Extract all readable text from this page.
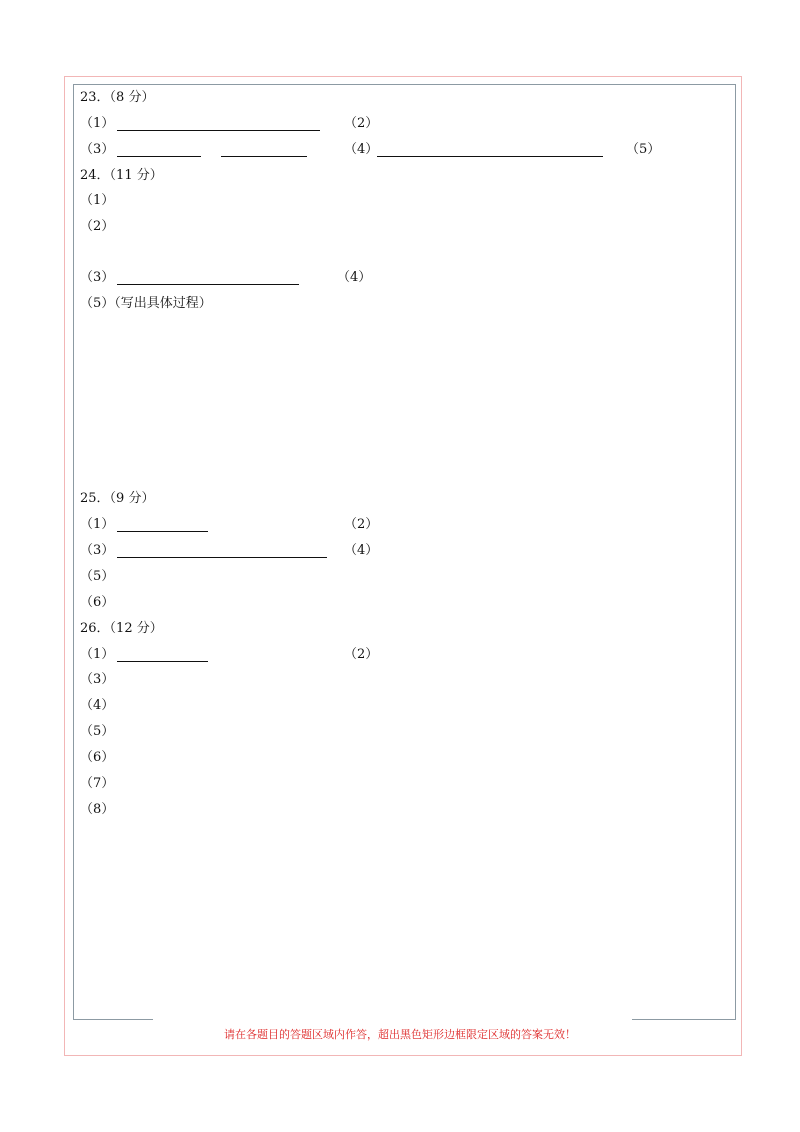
23．（8 分）
（1）	（2）
（3）	（4）	（5）
24．（11 分）
（1）
（2）
（3）	（4）
（5）（写出具体过程）
25．（9 分）
（1）	（2）
（3）	（4）
（5）
（6）
26．（12 分）
（1）	（2）
（3）
（4）
（5）
（6）
（7）
（8）
请在各题目的答题区域内作答，超出黑色矩形边框限定区域的答案无效！
